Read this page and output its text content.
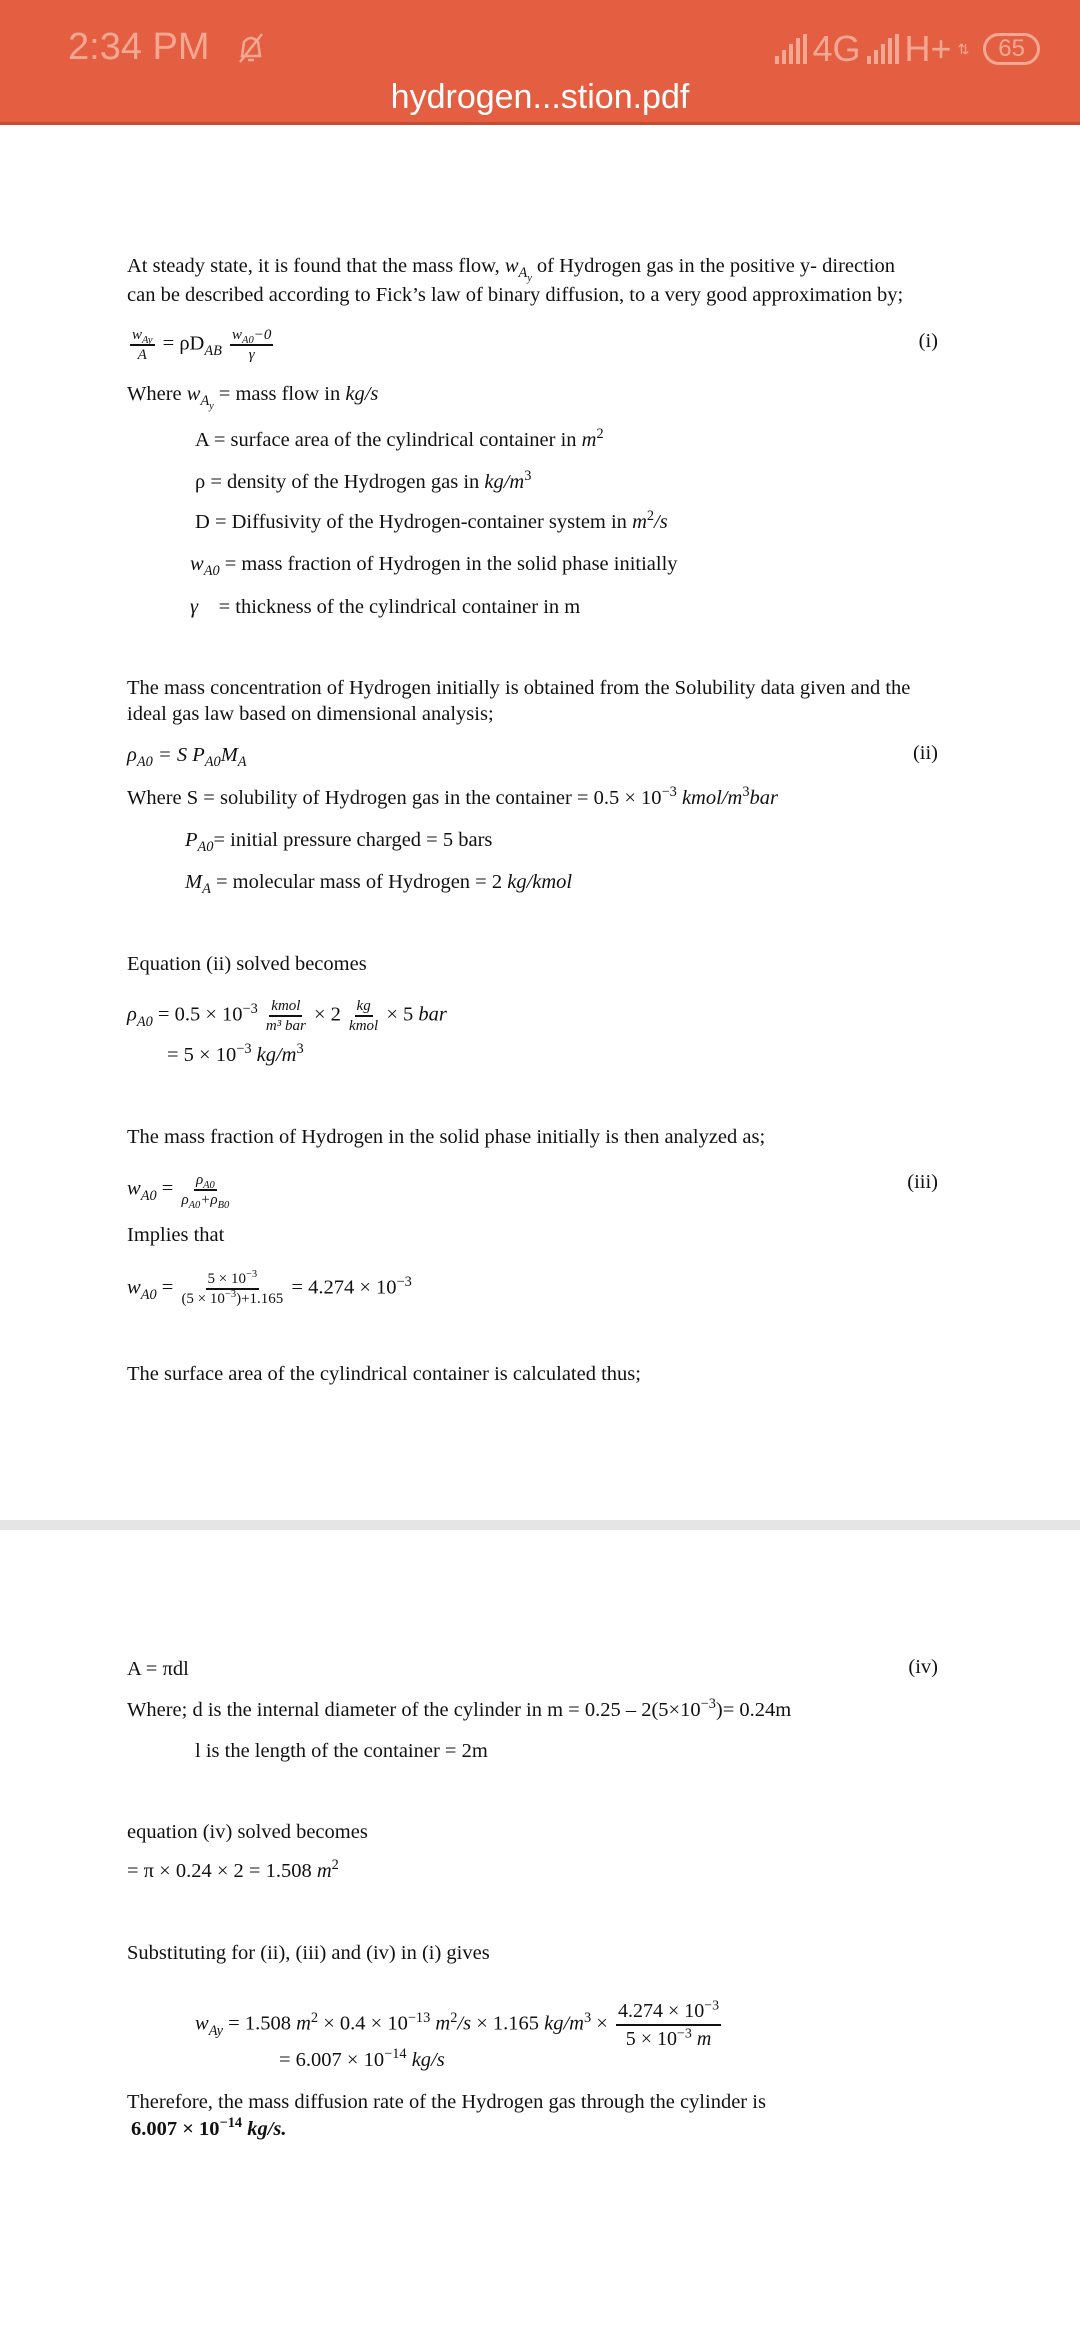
2:34 PM	4G H+ ⇅	65
hydrogen...stion.pdf
At steady state, it is found that the mass flow, $w_{A_y}$ of Hydrogen gas in the positive y- direction
can be described according to Fick’s law of binary diffusion, to a very good approximation by;
$\frac{w_{Ay}}{A} = \rho D_{AB} \frac{w_{A0}-0}{\gamma}$	(i)
Where $w_{A_y}$ = mass flow in kg/s
A = surface area of the cylindrical container in $m^2$
ρ = density of the Hydrogen gas in $kg/m^3$
D = Diffusivity of the Hydrogen-container system in $m^2/s$
$w_{A0}$ = mass fraction of Hydrogen in the solid phase initially
γ    = thickness of the cylindrical container in m
The mass concentration of Hydrogen initially is obtained from the Solubility data given and the
ideal gas law based on dimensional analysis;
$\rho_{A0} = S$ $P_{A0}M_A$	(ii)
Where S = solubility of Hydrogen gas in the container = $0.5 \times 10^{-3}$ kmol/$m^3bar$
$P_{A0}=$ initial pressure charged = 5 bars
$M_A$ = molecular mass of Hydrogen = 2 kg/kmol
Equation (ii) solved becomes
$\rho_{A0} = 0.5 \times 10^{-3} \frac{\text{kmol}}{\text{m³ bar}} \times 2 \frac{kg}{\text{kmol}} \times 5$ bar
= $5 \times 10^{-3}$ $kg/m^3$
The mass fraction of Hydrogen in the solid phase initially is then analyzed as;
$w_{A0} = \frac{\rho_{A0}}{\rho_{A0}+\rho_{B0}}$	(iii)
Implies that
$w_{A0} = \frac{5 \times 10^{-3}}{(5 \times 10^{-3})+1.165} = 4.274 \times 10^{-3}$
The surface area of the cylindrical container is calculated thus;
A = πdl	(iv)
Where; d is the internal diameter of the cylinder in $m = 0.25 - 2(5\times 10^{-3})= 0.24m$
l is the length of the container = 2m
equation (iv) solved becomes
= π × 0.24 × 2 = 1.508 $m^2$
Substituting for (ii), (iii) and (iv) in (i) gives
$w_{Ay} = 1.508$ $m^2 \times 0.4 \times 10^{-13}$ $m^2/s \times 1.165$ $kg/m^3 \times \frac{4.274 \times 10^{-3}}{5 \times 10^{-3} m}$
= $6.007 \times 10^{-14}$ kg/s
Therefore, the mass diffusion rate of the Hydrogen gas through the cylinder is
$6.007 \times 10^{-14}$ kg/s.
